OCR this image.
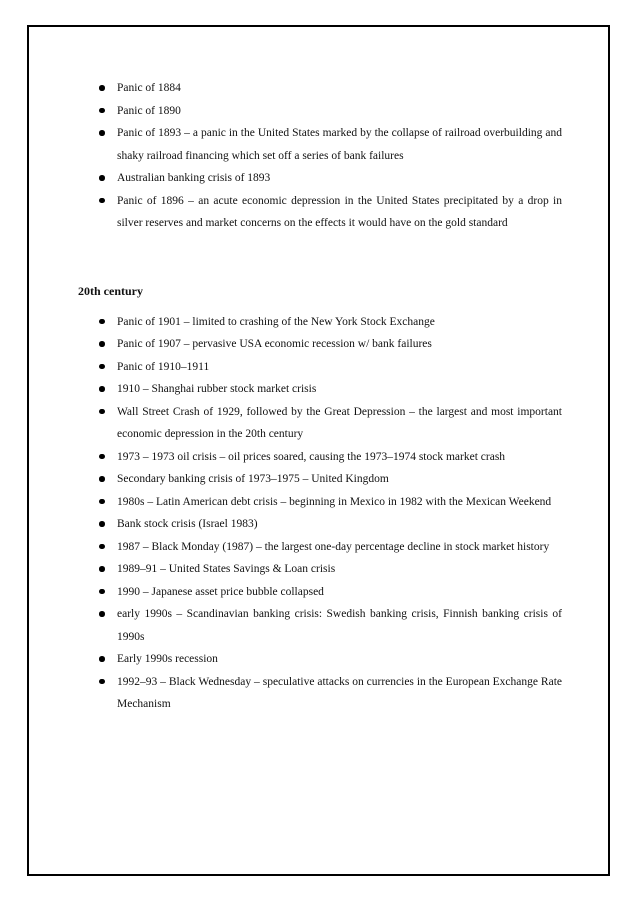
Panic of 1884
Panic of 1890
Panic of 1893 – a panic in the United States marked by the collapse of railroad overbuilding and shaky railroad financing which set off a series of bank failures
Australian banking crisis of 1893
Panic of 1896 – an acute economic depression in the United States precipitated by a drop in silver reserves and market concerns on the effects it would have on the gold standard
20th century
Panic of 1901 – limited to crashing of the New York Stock Exchange
Panic of 1907 – pervasive USA economic recession w/ bank failures
Panic of 1910–1911
1910 – Shanghai rubber stock market crisis
Wall Street Crash of 1929, followed by the Great Depression – the largest and most important economic depression in the 20th century
1973 – 1973 oil crisis – oil prices soared, causing the 1973–1974 stock market crash
Secondary banking crisis of 1973–1975 – United Kingdom
1980s – Latin American debt crisis – beginning in Mexico in 1982 with the Mexican Weekend
Bank stock crisis (Israel 1983)
1987 – Black Monday (1987) – the largest one-day percentage decline in stock market history
1989–91 – United States Savings & Loan crisis
1990 – Japanese asset price bubble collapsed
early 1990s – Scandinavian banking crisis: Swedish banking crisis, Finnish banking crisis of 1990s
Early 1990s recession
1992–93 – Black Wednesday – speculative attacks on currencies in the European Exchange Rate Mechanism
